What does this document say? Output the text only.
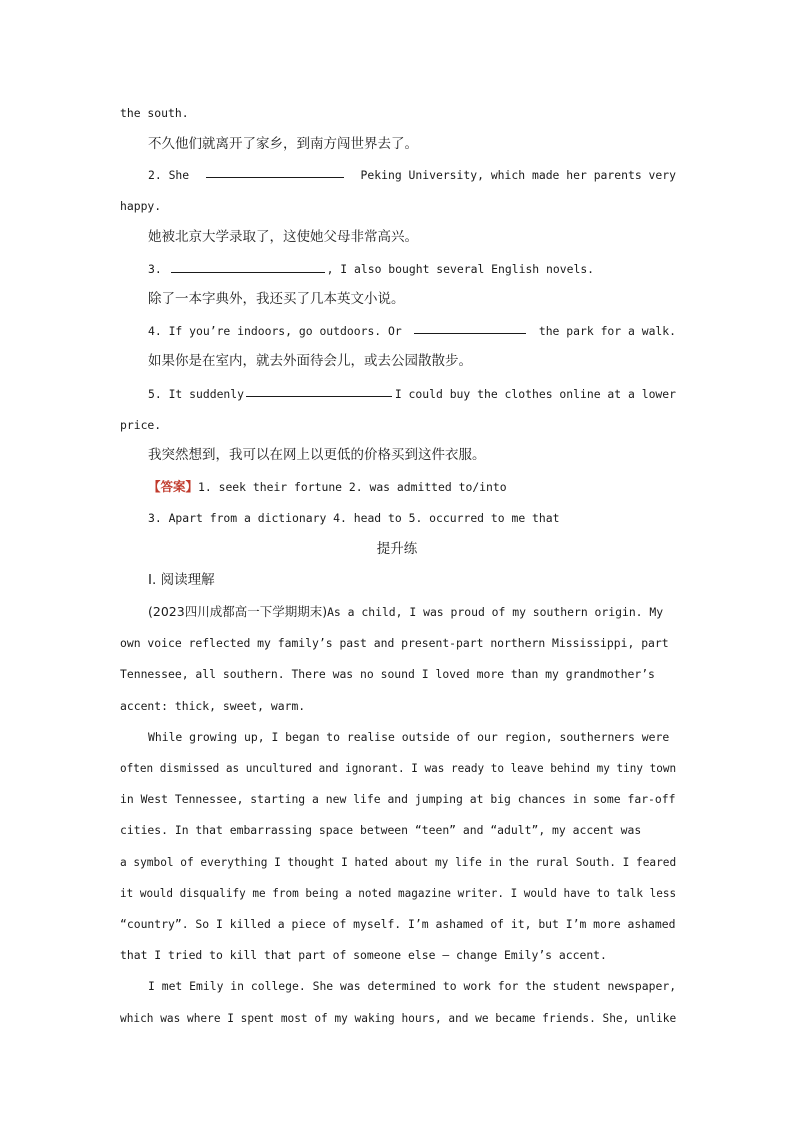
the south.
不久他们就离开了家乡，到南方闯世界去了。
2. She	Peking University, which made her parents very
happy.
她被北京大学录取了，这使她父母非常高兴。
3.	, I also bought several English novels.
除了一本字典外，我还买了几本英文小说。
4. If you’re indoors, go outdoors. Or	the park for a walk.
如果你是在室内，就去外面待会儿，或去公园散散步。
5. It suddenly	I could buy the clothes online at a lower
price.
我突然想到，我可以在网上以更低的价格买到这件衣服。
【答案】1. seek their fortune 2. was admitted to/into
3. Apart from a dictionary 4. head to 5. occurred to me that
提升练
Ⅰ. 阅读理解
(2023四川成都高一下学期期末)As a child, I was proud of my southern origin. My
own voice reflected my family’s past and present-part northern Mississippi, part
Tennessee, all southern. There was no sound I loved more than my grandmother’s
accent: thick, sweet, warm.
While growing up, I began to realise outside of our region, southerners were
often dismissed as uncultured and ignorant. I was ready to leave behind my tiny town
in West Tennessee, starting a new life and jumping at big chances in some far-off
cities. In that embarrassing space between “teen” and “adult”, my accent was
a symbol of everything I thought I hated about my life in the rural South. I feared
it would disqualify me from being a noted magazine writer. I would have to talk less
“country”. So I killed a piece of myself. I’m ashamed of it, but I’m more ashamed
that I tried to kill that part of someone else — change Emily’s accent.
I met Emily in college. She was determined to work for the student newspaper,
which was where I spent most of my waking hours, and we became friends. She, unlike
